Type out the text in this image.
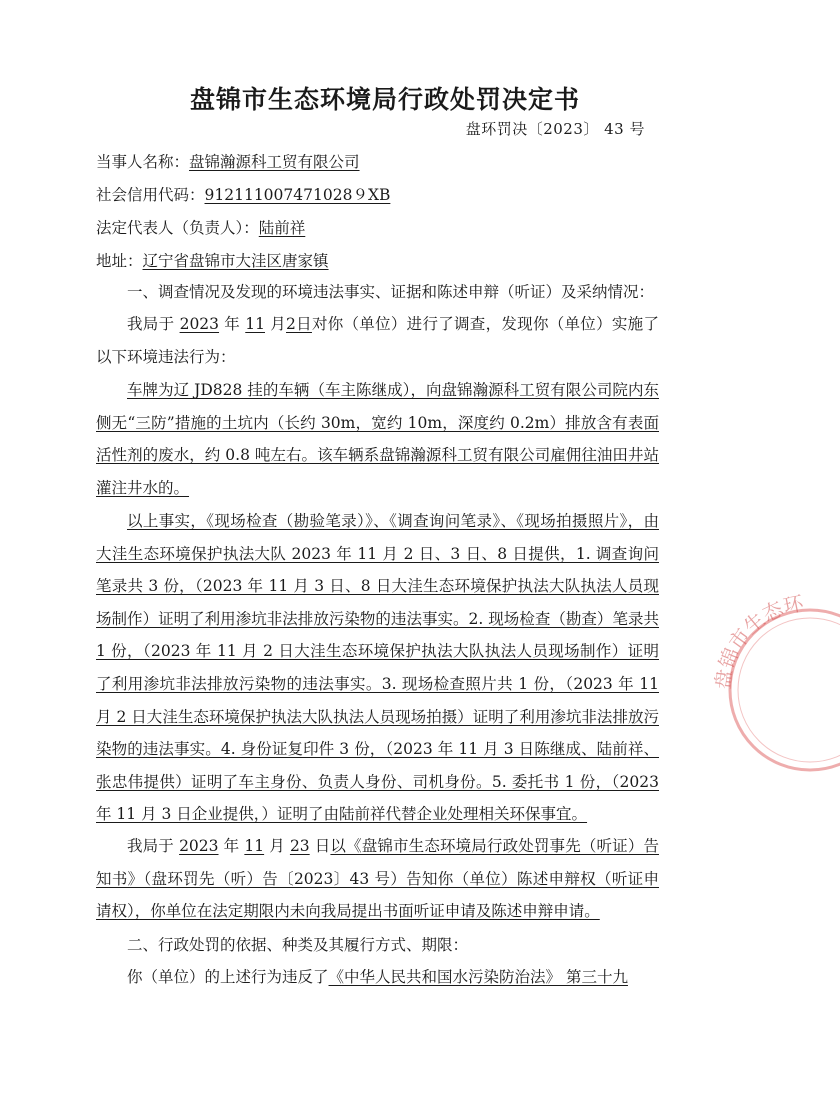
盘锦市生态环境局行政处罚决定书
盘环罚决〔2023〕 43 号
当事人名称：盘锦瀚源科工贸有限公司
社会信用代码：912111007471028９XB
法定代表人（负责人）：陆前祥
地址：辽宁省盘锦市大洼区唐家镇
一、调查情况及发现的环境违法事实、证据和陈述申辩（听证）及采纳情况：
我局于 2023 年 11 月2日对你（单位）进行了调查，发现你（单位）实施了以下环境违法行为：
车牌为辽 JD828 挂的车辆（车主陈继成），向盘锦瀚源科工贸有限公司院内东侧无“三防”措施的土坑内（长约 30m，宽约 10m，深度约 0.2m）排放含有表面活性剂的废水，约 0.8 吨左右。该车辆系盘锦瀚源科工贸有限公司雇佣往油田井站灌注井水的。
以上事实，《现场检查（勘验笔录）》、《调查询问笔录》、《现场拍摄照片》，由大洼生态环境保护执法大队 2023 年 11 月 2 日、3 日、8 日提供，1. 调查询问笔录共 3 份，（2023 年 11 月 3 日、8 日大洼生态环境保护执法大队执法人员现场制作）证明了利用渗坑非法排放污染物的违法事实。2. 现场检查（勘查）笔录共 1 份，（2023 年 11 月 2 日大洼生态环境保护执法大队执法人员现场制作）证明了利用渗坑非法排放污染物的违法事实。3. 现场检查照片共 1 份，（2023 年 11 月 2 日大洼生态环境保护执法大队执法人员现场拍摄）证明了利用渗坑非法排放污染物的违法事实。4. 身份证复印件 3 份，（2023 年 11 月 3 日陈继成、陆前祥、张忠伟提供）证明了车主身份、负责人身份、司机身份。5. 委托书 1 份，（2023 年 11 月 3 日企业提供，）证明了由陆前祥代替企业处理相关环保事宜。
我局于 2023 年 11 月 23 日以《盘锦市生态环境局行政处罚事先（听证）告知书》（盘环罚先（听）告〔2023〕43 号）告知你（单位）陈述申辩权（听证申请权），你单位在法定期限内未向我局提出书面听证申请及陈述申辩申请。
二、行政处罚的依据、种类及其履行方式、期限：
你（单位）的上述行为违反了《中华人民共和国水污染防治法》 第三十九
盘锦市生态环境局
